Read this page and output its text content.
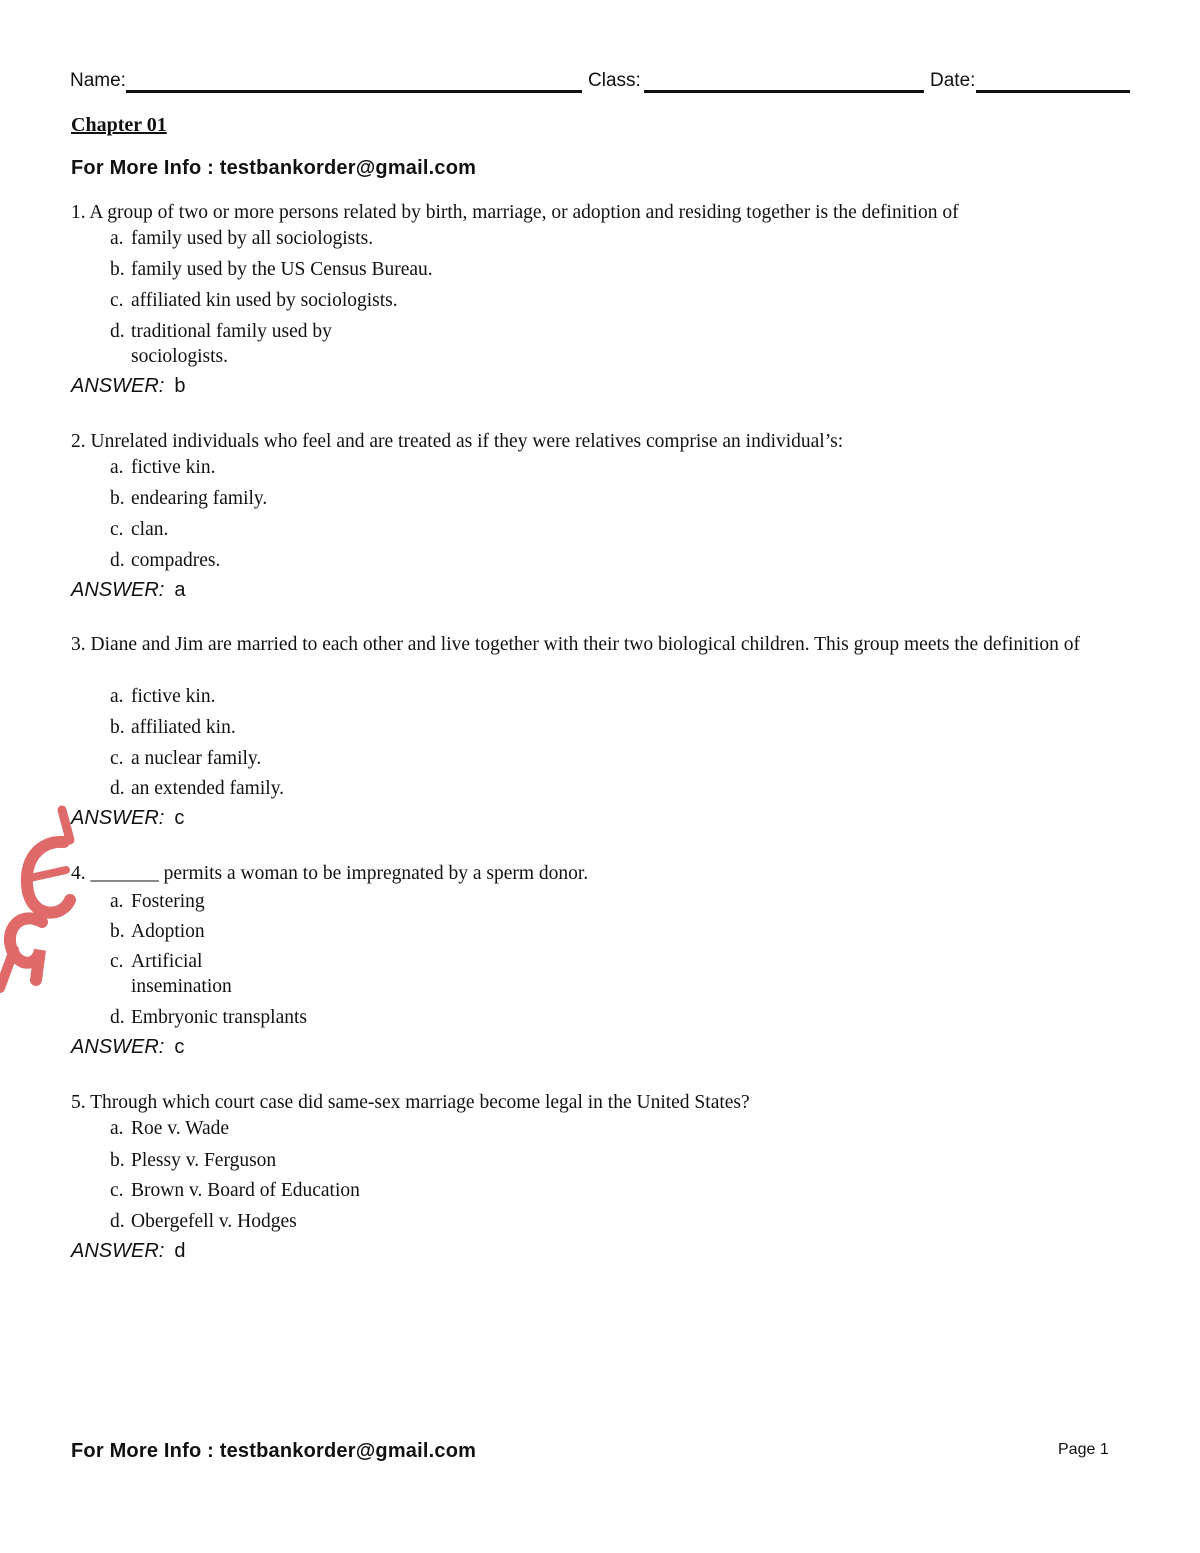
Name:	Class:	Date:
Chapter 01
For More Info : testbankorder@gmail.com
1. A group of two or more persons related by birth, marriage, or adoption and residing together is the definition of
a. family used by all sociologists.
b. family used by the US Census Bureau.
c. affiliated kin used by sociologists.
d. traditional family used by sociologists.
ANSWER: b
2. Unrelated individuals who feel and are treated as if they were relatives comprise an individual’s:
a. fictive kin.
b. endearing family.
c. clan.
d. compadres.
ANSWER: a
3. Diane and Jim are married to each other and live together with their two biological children. This group meets the definition of
a. fictive kin.
b. affiliated kin.
c. a nuclear family.
d. an extended family.
ANSWER: c
4. _______ permits a woman to be impregnated by a sperm donor.
a. Fostering
b. Adoption
c. Artificial insemination
d. Embryonic transplants
ANSWER: c
5. Through which court case did same-sex marriage become legal in the United States?
a. Roe v. Wade
b. Plessy v. Ferguson
c. Brown v. Board of Education
d. Obergefell v. Hodges
ANSWER: d
For More Info : testbankorder@gmail.com	Page 1
